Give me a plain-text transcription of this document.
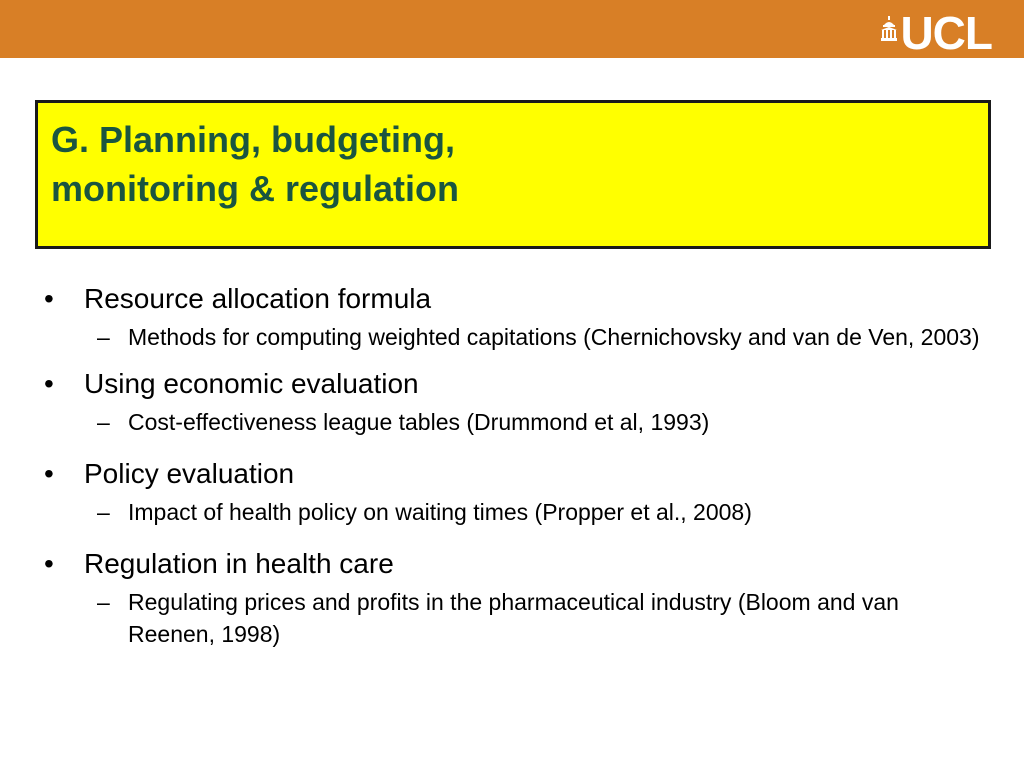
UCL
G. Planning, budgeting,
monitoring & regulation

• Resource allocation formula

– Methods for computing weighted capitations (Chernichovsky and van de Ven, 2003)

• Using economic evaluation

– Cost-effectiveness league tables (Drummond et al, 1993)

• Policy evaluation

– Impact of health policy on waiting times (Propper et al., 2008)

• Regulation in health care

– Regulating prices and profits in the pharmaceutical industry (Bloom and van Reenen, 1998)
